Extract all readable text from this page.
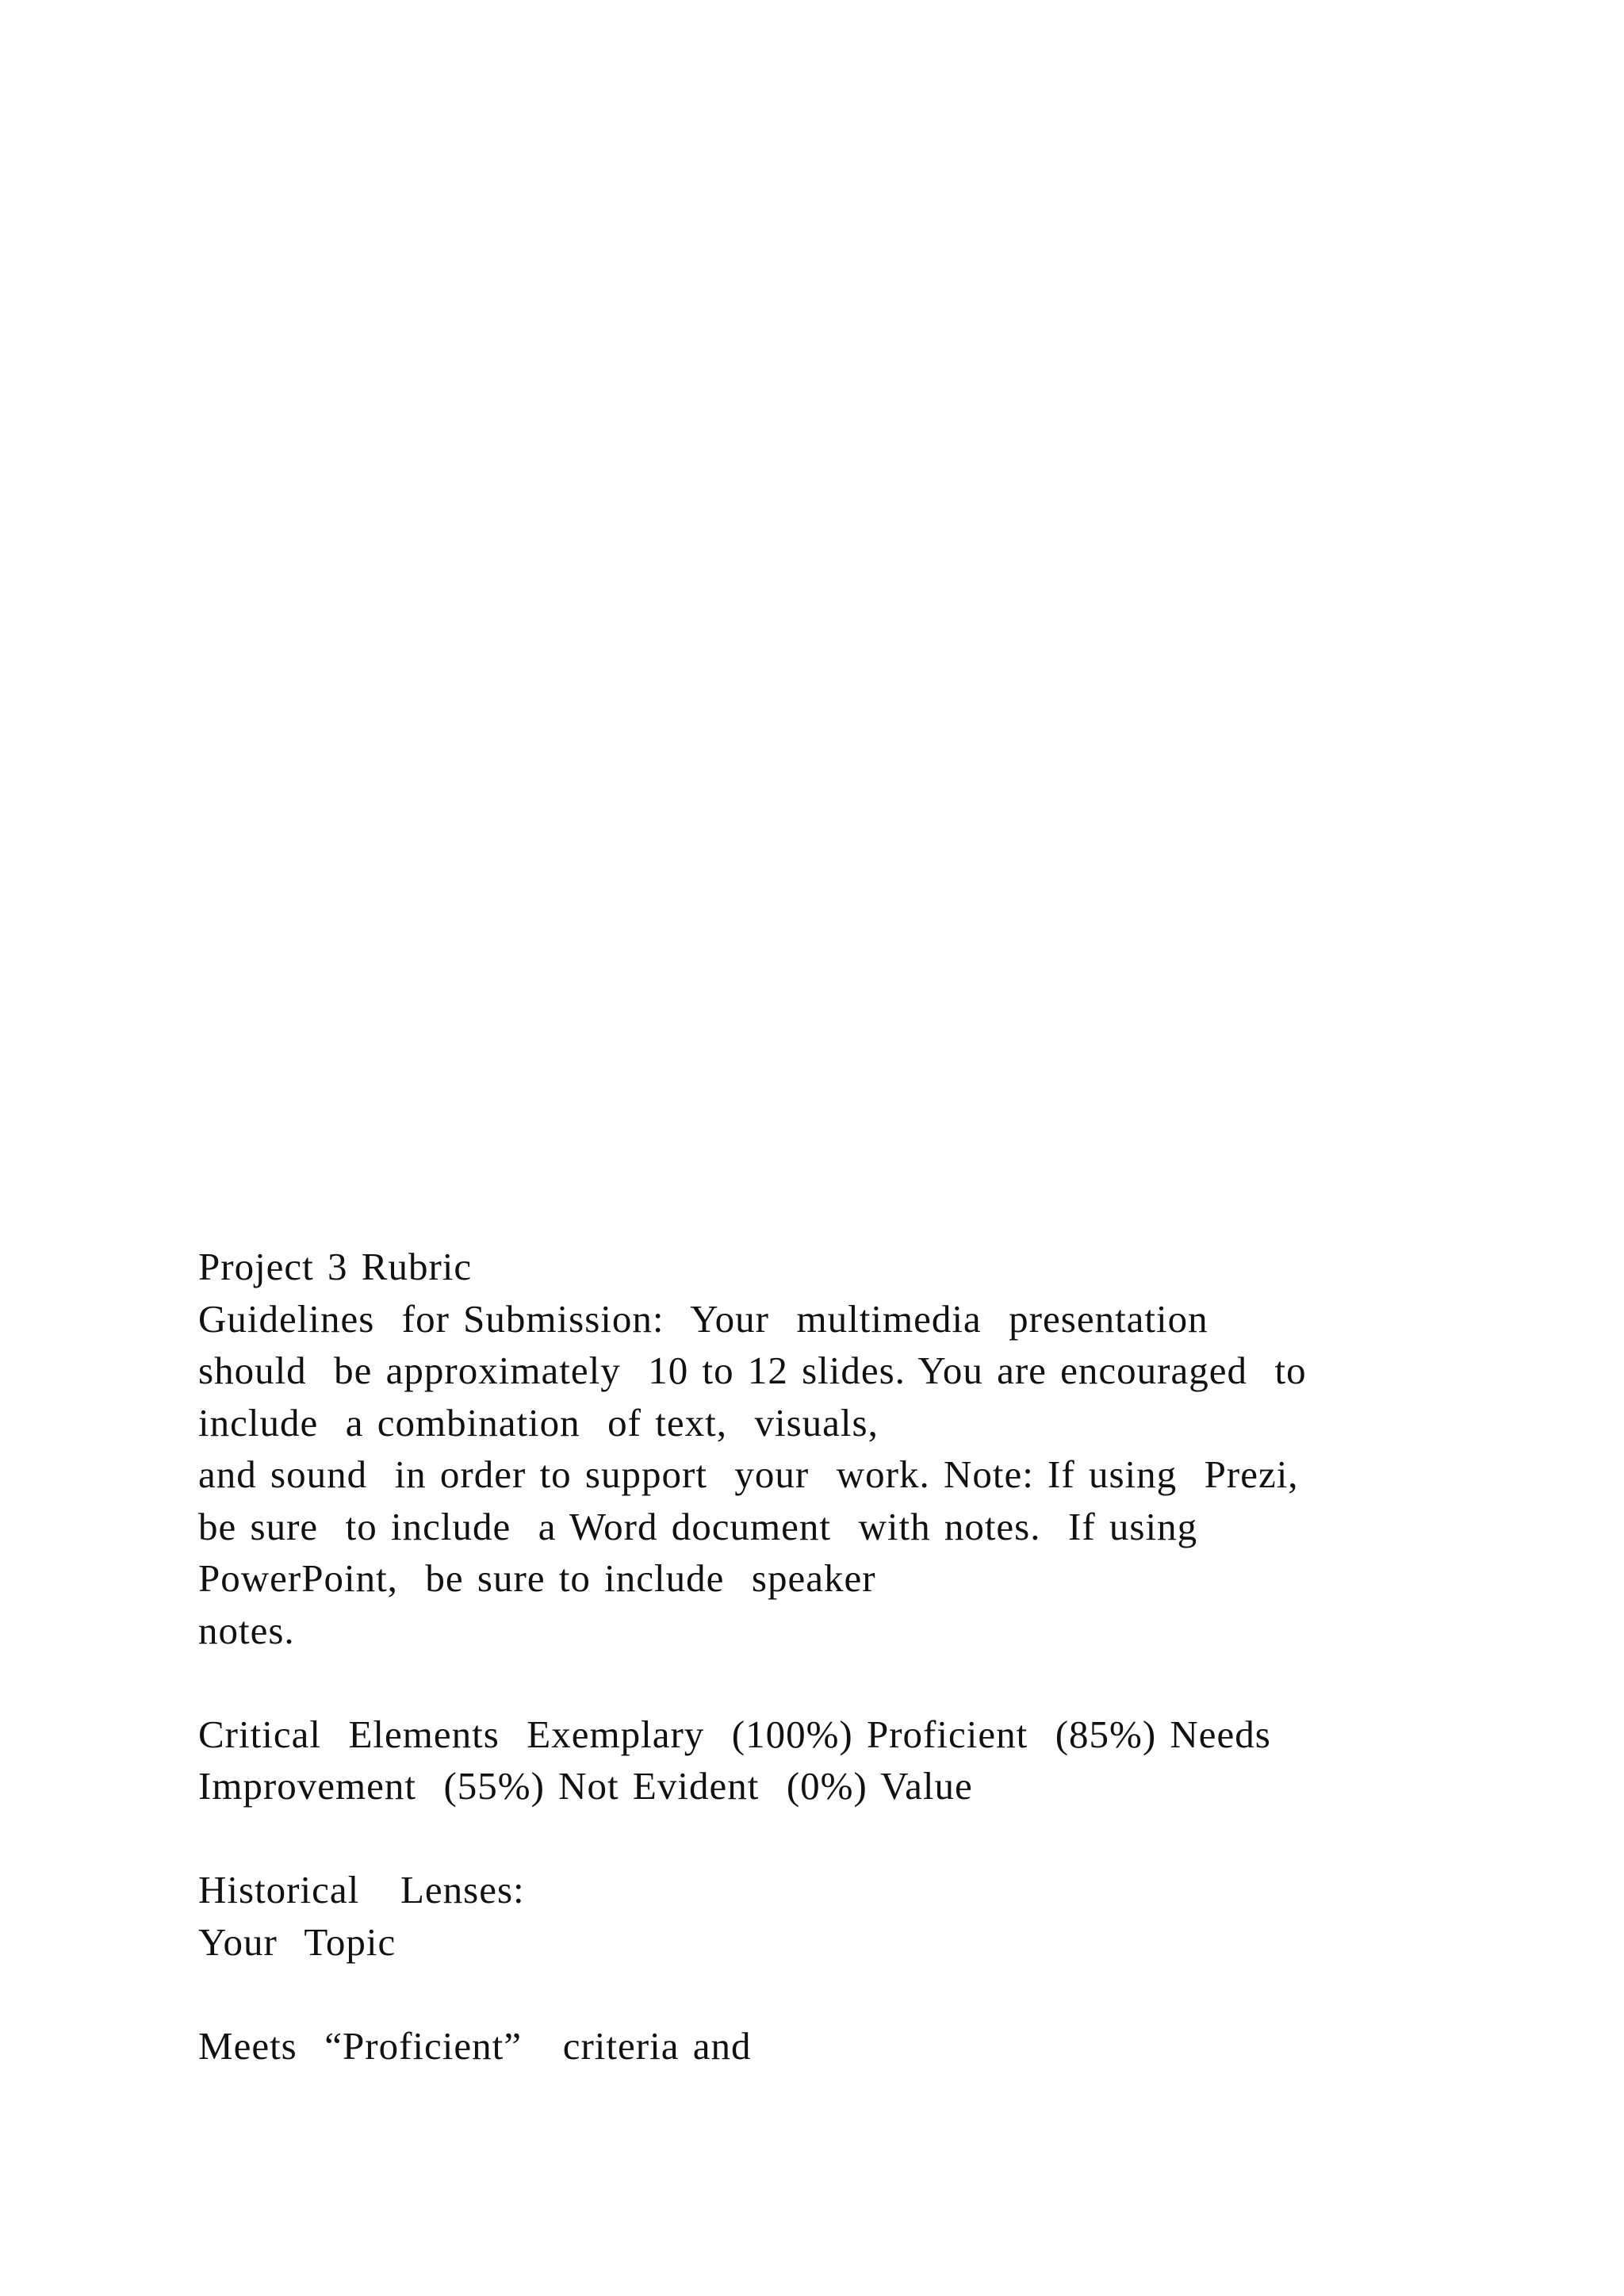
Project 3 Rubric
Guidelines  for Submission:  Your  multimedia  presentation
should  be approximately  10 to 12 slides. You are encouraged  to
include  a combination  of text,  visuals,
and sound  in order to support  your  work. Note: If using  Prezi,
be sure  to include  a Word document  with notes.  If using
PowerPoint,  be sure to include  speaker
notes.
Critical  Elements  Exemplary  (100%) Proficient  (85%) Needs
Improvement  (55%) Not Evident  (0%) Value
Historical   Lenses:
Your  Topic
Meets  “Proficient”   criteria and
